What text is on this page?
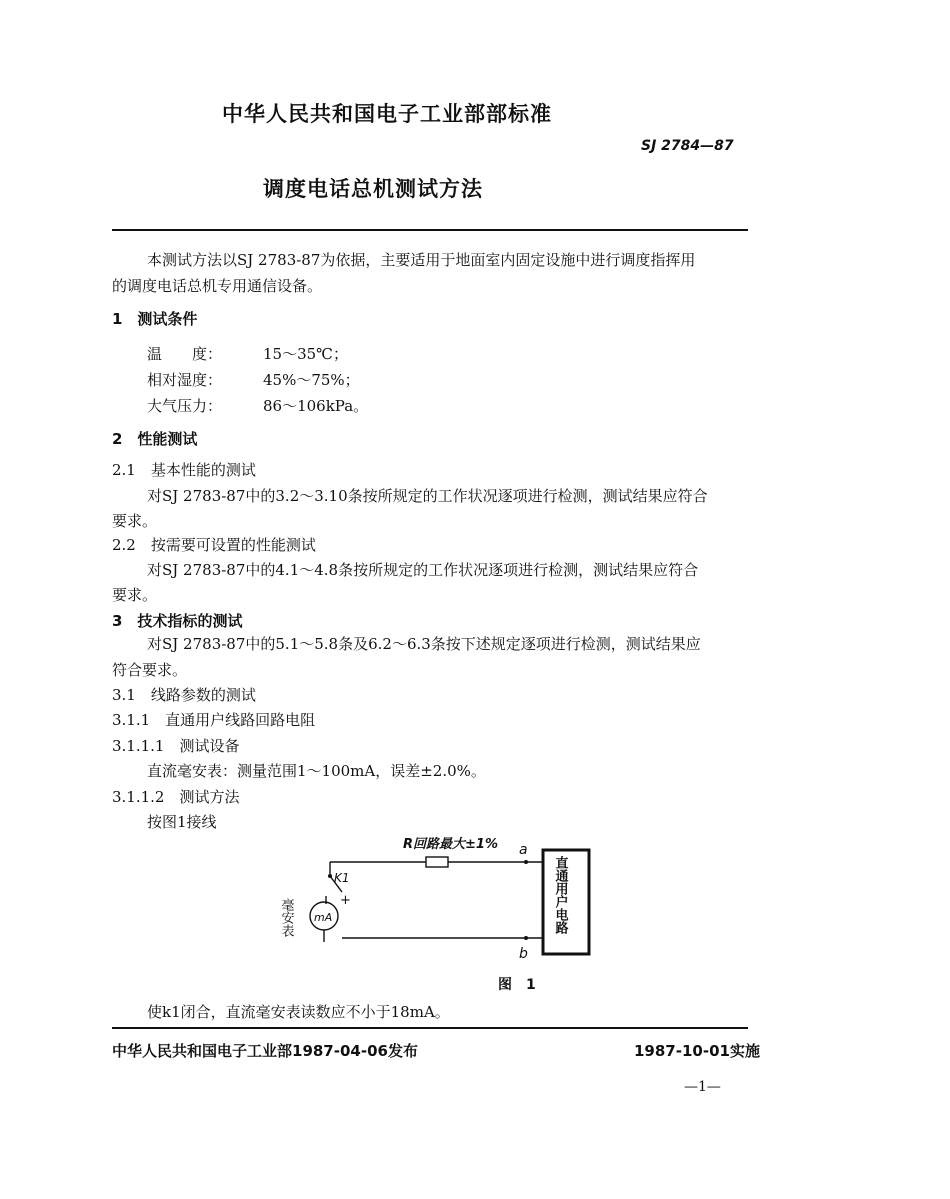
中华人民共和国电子工业部部标准
SJ 2784—87
调度电话总机测试方法
本测试方法以SJ 2783-87为依据，主要适用于地面室内固定设施中进行调度指挥用
的调度电话总机专用通信设备。
1　测试条件
温　　度：	15～35℃；
相对湿度：	45%～75%；
大气压力：	86～106kPa。
2　性能测试
2.1　基本性能的测试
对SJ 2783-87中的3.2～3.10条按所规定的工作状况逐项进行检测，测试结果应符合
要求。
2.2　按需要可设置的性能测试
对SJ 2783-87中的4.1～4.8条按所规定的工作状况逐项进行检测，测试结果应符合
要求。
3　技术指标的测试
对SJ 2783-87中的5.1～5.8条及6.2～6.3条按下述规定逐项进行检测，测试结果应
符合要求。
3.1　线路参数的测试
3.1.1　直通用户线路回路电阻
3.1.1.1　测试设备
直流毫安表：测量范围1～100mA，误差±2.0%。
3.1.1.2　测试方法
按图1接线
R回路最大±1% a
K1
+
mA
毫安表
b
直通用户电路
图　1
使k1闭合，直流毫安表读数应不小于18mA。
中华人民共和国电子工业部1987-04-06发布	1987-10-01实施
—1—
